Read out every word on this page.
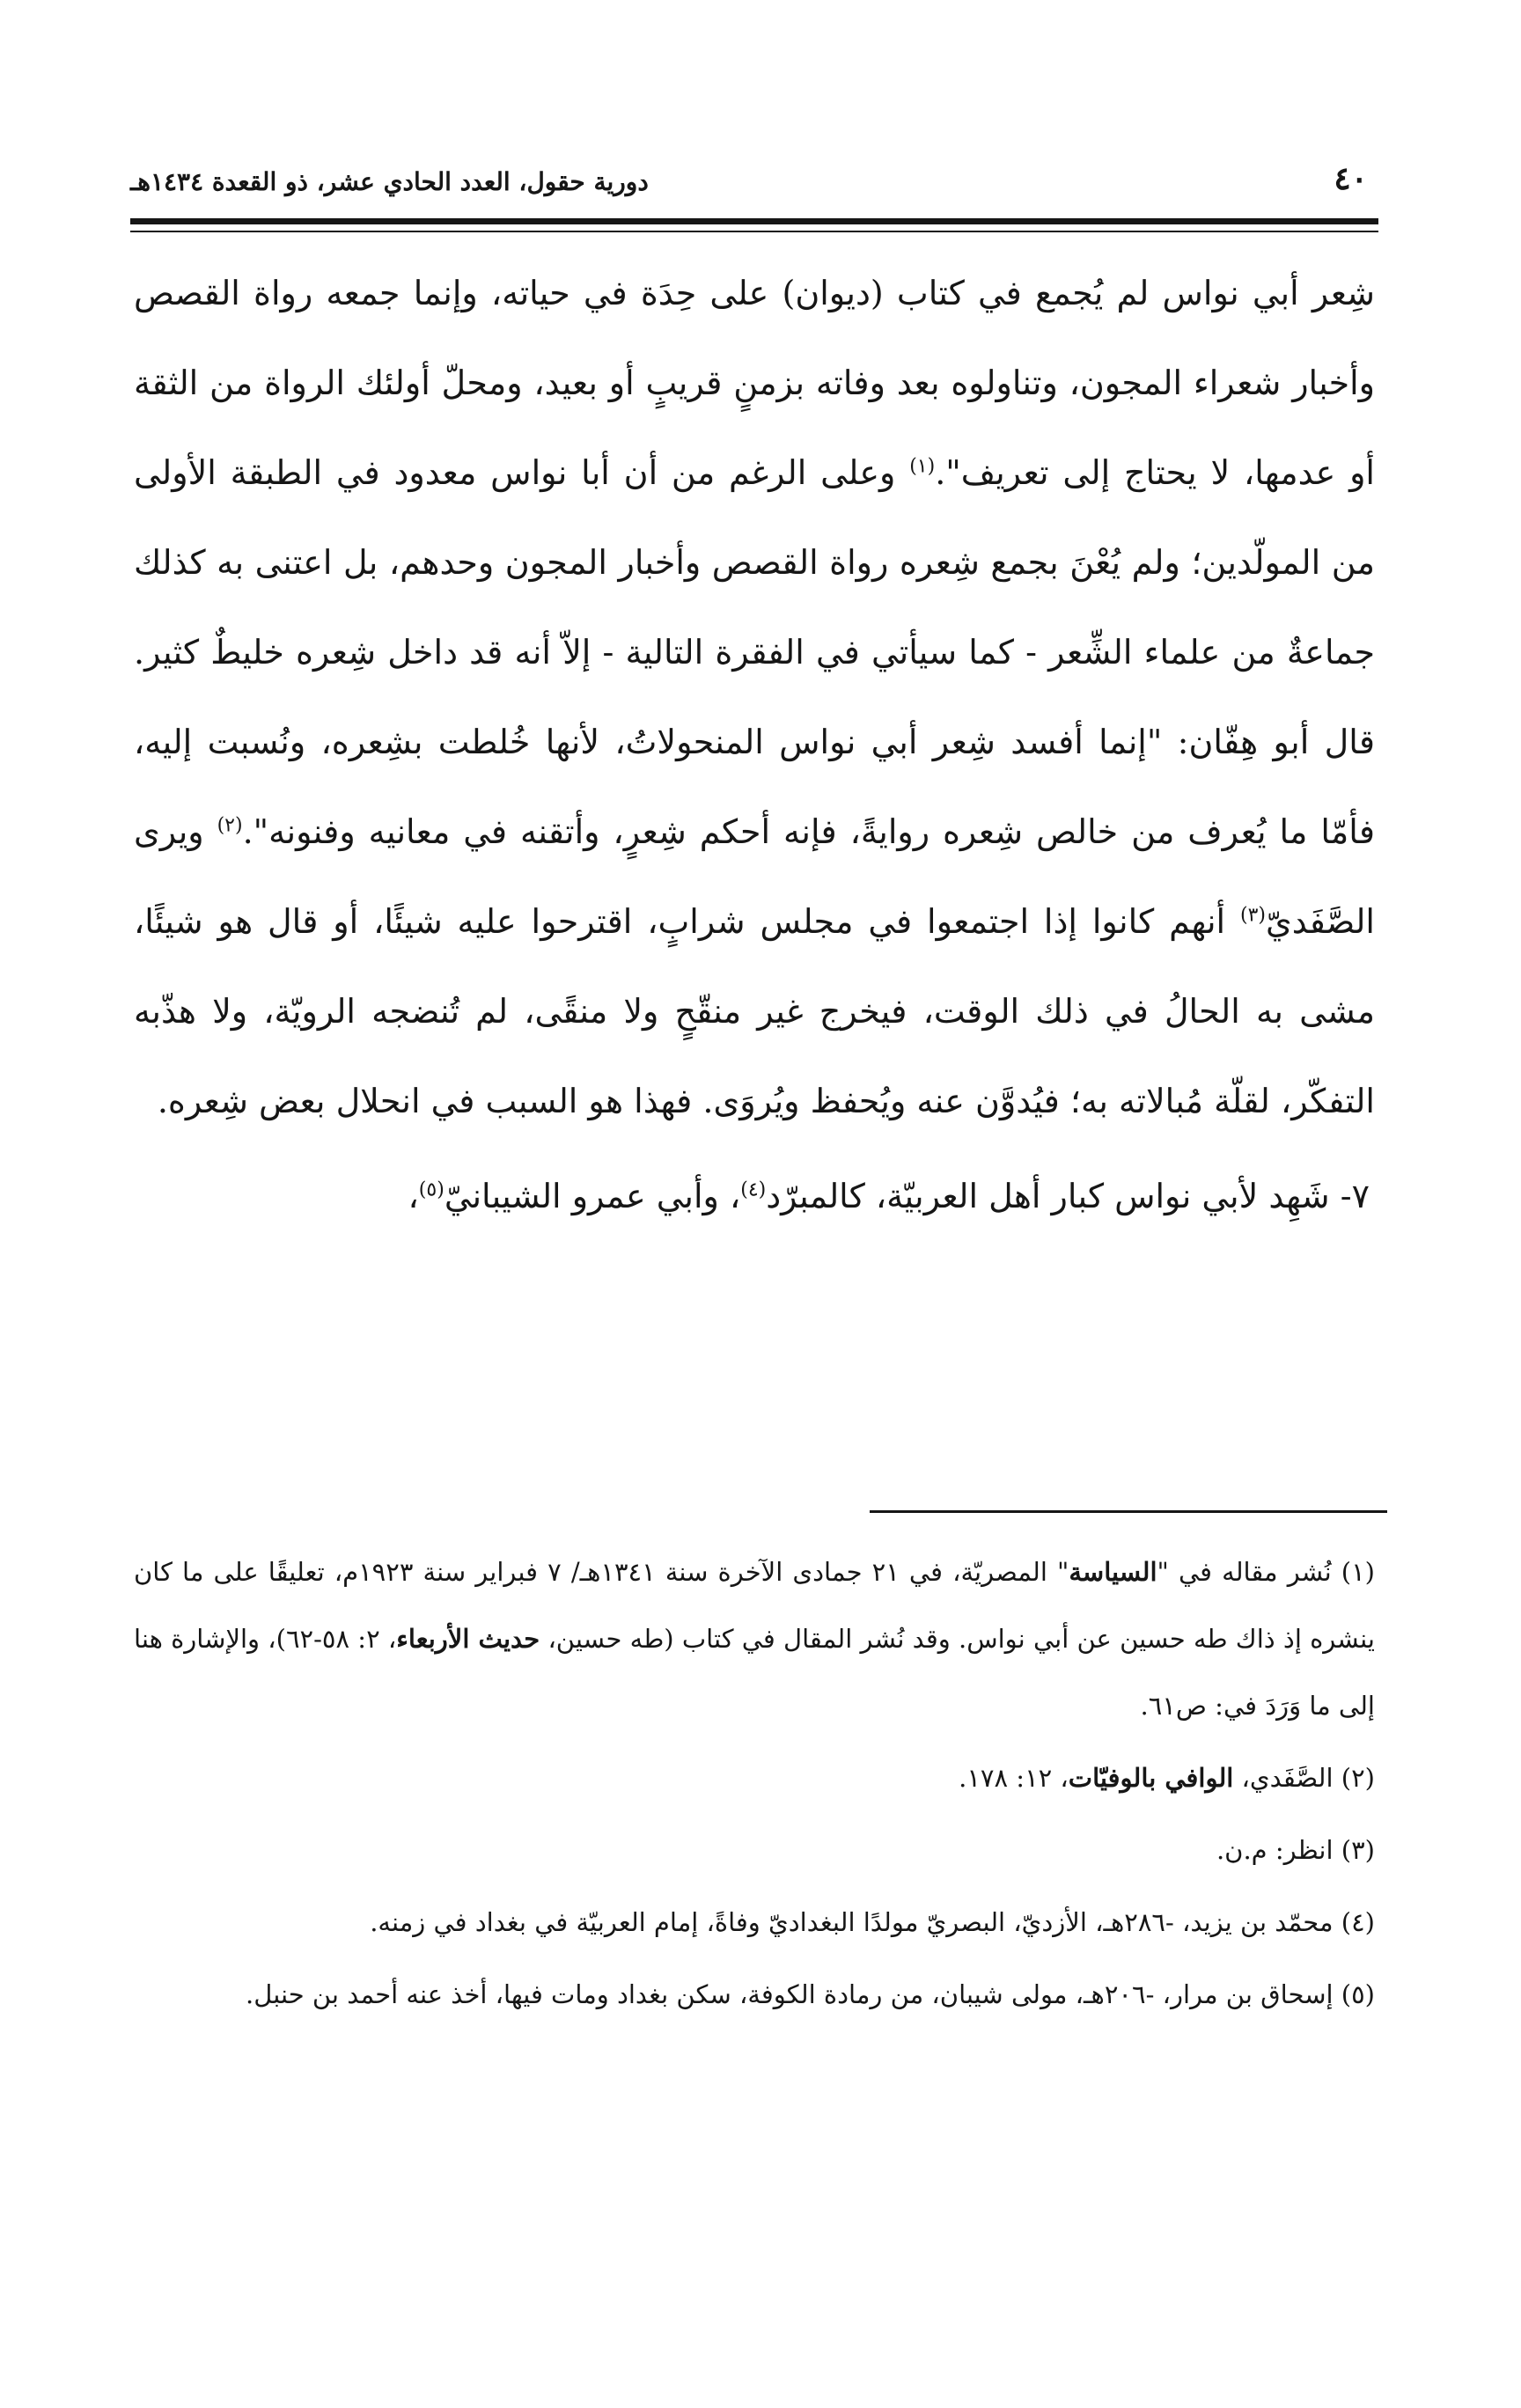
٤٠
دورية حقول، العدد الحادي عشر، ذو القعدة ١٤٣٤هـ

شِعر أبي نواس لم يُجمع في كتاب (ديوان) على حِدَة في حياته، وإنما جمعه رواة القصص وأخبار شعراء المجون، وتناولوه بعد وفاته بزمنٍ قريبٍ أو بعيد، ومحلّ أولئك الرواة من الثقة أو عدمها، لا يحتاج إلى تعريف".$^{(١)}$ وعلى الرغم من أن أبا نواس معدود في الطبقة الأولى من المولّدين؛ ولم يُعْنَ بجمع شِعره رواة القصص وأخبار المجون وحدهم، بل اعتنى به كذلك جماعةٌ من علماء الشِّعر - كما سيأتي في الفقرة التالية - إلاّ أنه قد داخل شِعره خليطٌ كثير. قال أبو هِفّان: "إنما أفسد شِعر أبي نواس المنحولاتُ، لأنها خُلطت بشِعره، ونُسبت إليه، فأمّا ما يُعرف من خالص شِعره روايةً، فإنه أحكم شِعرٍ، وأتقنه في معانيه وفنونه".$^{(٢)}$ ويرى الصَّفَديّ$^{(٣)}$ أنهم كانوا إذا اجتمعوا في مجلس شرابٍ، اقترحوا عليه شيئًا، أو قال هو شيئًا، مشى به الحالُ في ذلك الوقت، فيخرج غير منقّحٍ ولا منقًى، لم تُنضجه الرويّة، ولا هذّبه التفكّر، لقلّة مُبالاته به؛ فيُدوَّن عنه ويُحفظ ويُروَى. فهذا هو السبب في انحلال بعض شِعره.

٧- شَهِد لأبي نواس كبار أهل العربيّة، كالمبرّد$^{(٤)}$، وأبي عمرو الشيبانيّ$^{(٥)}$،

(١) نُشر مقاله في "السياسة" المصريّة، في ٢١ جمادى الآخرة سنة ١٣٤١هـ/ ٧ فبراير سنة ١٩٢٣م، تعليقًا على ما كان ينشره إذ ذاك طه حسين عن أبي نواس. وقد نُشر المقال في كتاب (طه حسين، حديث الأربعاء، ٢: ٥٨-٦٢)، والإشارة هنا إلى ما وَرَدَ في: ص٦١.

(٢) الصَّفَدي، الوافي بالوفيّات، ١٢: ١٧٨.

(٣) انظر: م.ن.

(٤) محمّد بن يزيد، -٢٨٦هـ، الأزديّ، البصريّ مولدًا البغداديّ وفاةً، إمام العربيّة في بغداد في زمنه.

(٥) إسحاق بن مرار، -٢٠٦هـ، مولى شيبان، من رمادة الكوفة، سكن بغداد ومات فيها، أخذ عنه أحمد بن حنبل.
